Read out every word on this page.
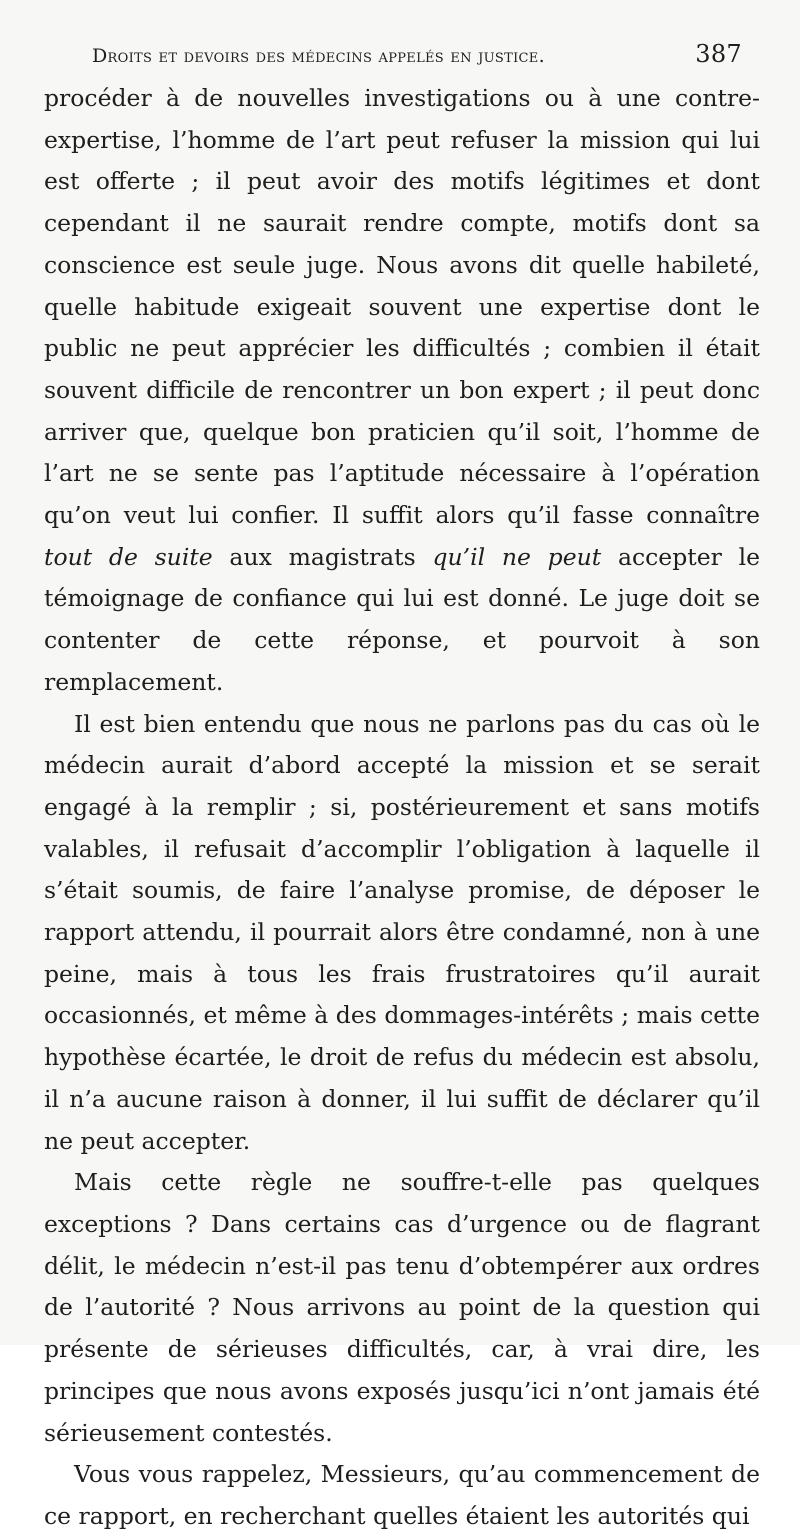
Droits et devoirs des médecins appelés en justice.	387

procéder à de nouvelles investigations ou à une contre-expertise, l’homme de l’art peut refuser la mission qui lui est offerte ; il peut avoir des motifs légitimes et dont cependant il ne saurait rendre compte, motifs dont sa conscience est seule juge. Nous avons dit quelle habileté, quelle habitude exigeait souvent une expertise dont le public ne peut apprécier les difficultés ; combien il était souvent difficile de rencontrer un bon expert ; il peut donc arriver que, quelque bon praticien qu’il soit, l’homme de l’art ne se sente pas l’aptitude nécessaire à l’opération qu’on veut lui confier. Il suffit alors qu’il fasse connaître tout de suite aux magistrats qu’il ne peut accepter le témoignage de confiance qui lui est donné. Le juge doit se contenter de cette réponse, et pourvoit à son remplacement.

Il est bien entendu que nous ne parlons pas du cas où le médecin aurait d’abord accepté la mission et se serait engagé à la remplir ; si, postérieurement et sans motifs valables, il refusait d’accomplir l’obligation à laquelle il s’était soumis, de faire l’analyse promise, de déposer le rapport attendu, il pourrait alors être condamné, non à une peine, mais à tous les frais frustratoires qu’il aurait occasionnés, et même à des dommages-intérêts ; mais cette hypothèse écartée, le droit de refus du médecin est absolu, il n’a aucune raison à donner, il lui suffit de déclarer qu’il ne peut accepter.

Mais cette règle ne souffre-t-elle pas quelques exceptions ? Dans certains cas d’urgence ou de flagrant délit, le médecin n’est-il pas tenu d’obtempérer aux ordres de l’autorité ? Nous arrivons au point de la question qui présente de sérieuses difficultés, car, à vrai dire, les principes que nous avons exposés jusqu’ici n’ont jamais été sérieusement contestés.

Vous vous rappelez, Messieurs, qu’au commencement de ce rapport, en recherchant quelles étaient les autorités qui
